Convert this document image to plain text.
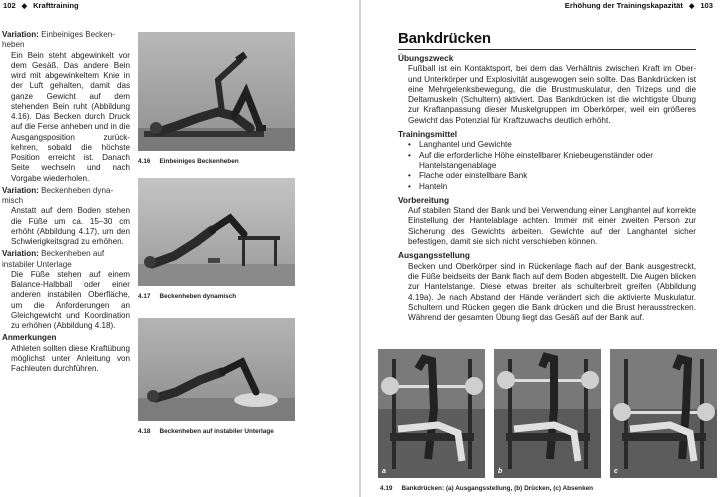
102 ◆ Krafttraining	Erhöhung der Trainingskapazität ◆ 103
Variation: Einbeiniges Becken-heben

Ein Bein steht abgewinkelt vor dem Gesäß. Das andere Bein wird mit abgewinkeltem Knie in der Luft gehalten, damit das ganze Gewicht auf dem stehenden Bein ruht (Abbildung 4.16). Das Becken durch Druck auf die Ferse anheben und in die Ausgangsposition zurück-kehren, sobald die höchste Position erreicht ist. Danach Seite wechseln und nach Vorgabe wiederholen.

Variation: Beckenheben dyna-misch

Anstatt auf dem Boden stehen die Füße um ca. 15–30 cm erhöht (Abbildung 4.17), um den Schwierigkeitsgrad zu erhöhen.

Variation: Beckenheben auf instabiler Unterlage

Die Füße stehen auf einem Balance-Halbball oder einer anderen instabilen Oberfläche, um die Anforderungen an Gleichgewicht und Koordination zu erhöhen (Abbildung 4.18).

Anmerkungen

Athleten sollten diese Kraftübung möglichst unter Anleitung von Fachleuten durchführen.

4.16 Einbeiniges Beckenheben
4.17 Beckenheben dynamisch
4.18 Beckenheben auf instabiler Unterlage
Bankdrücken
Übungszweck

Fußball ist ein Kontaktsport, bei dem das Verhältnis zwischen Kraft im Ober- und Unterkörper und Explosivität ausgewogen sein sollte. Das Bankdrücken ist eine Mehrgelenksbewegung, die die Brustmuskulatur, den Trizeps und die Deltamuskeln (Schultern) aktiviert. Das Bankdrücken ist die wichtigste Übung zur Kraftanpassung dieser Muskelgruppen im Oberkörper, weil ein größeres Gewicht das Potenzial für Kraftzuwachs deutlich erhöht.

Trainingsmittel
• Langhantel und Gewichte
• Auf die erforderliche Höhe einstellbarer Kniebeugenständer oder Hantelstangenablage
• Flache oder einstellbare Bank
• Hanteln
Vorbereitung

Auf stabilen Stand der Bank und bei Verwendung einer Langhantel auf korrekte Einstellung der Hantelablage achten. Immer mit einer zweiten Person zur Sicherung des Gewichts arbeiten. Gewichte auf der Langhantel sicher befestigen, damit sie sich nicht verschieben können.

Ausgangsstellung

Becken und Oberkörper sind in Rückenlage flach auf der Bank ausgestreckt, die Füße beidseits der Bank flach auf dem Boden abgestellt. Die Augen blicken zur Hantelstange. Diese etwas breiter als schulterbreit greifen (Abbildung 4.19a). Je nach Abstand der Hände verändert sich die aktivierte Muskulatur. Schultern und Rücken gegen die Bank drücken und die Brust herausstrecken. Während der gesamten Übung liegt das Gesäß auf der Bank auf.

a	b	c
4.19 Bankdrücken: (a) Ausgangsstellung, (b) Drücken, (c) Absenken
